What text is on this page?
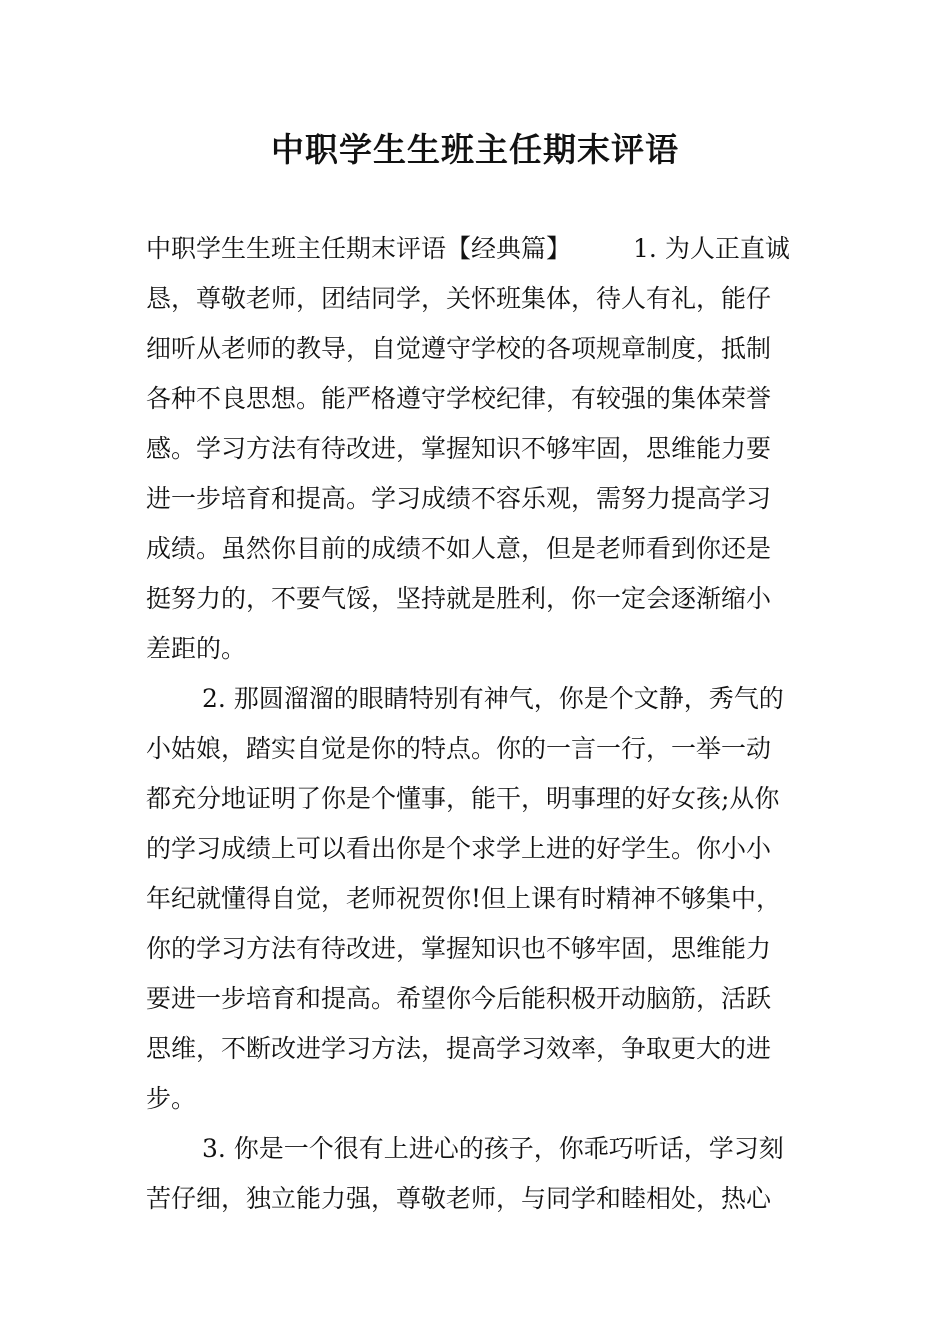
中职学生生班主任期末评语
中职学生生班主任期末评语【经典篇】 1. 为人正直诚
恳，尊敬老师，团结同学，关怀班集体，待人有礼，能仔
细听从老师的教导，自觉遵守学校的各项规章制度，抵制
各种不良思想。能严格遵守学校纪律，有较强的集体荣誉
感。学习方法有待改进，掌握知识不够牢固，思维能力要
进一步培育和提高。学习成绩不容乐观，需努力提高学习
成绩。虽然你目前的成绩不如人意，但是老师看到你还是
挺努力的，不要气馁，坚持就是胜利，你一定会逐渐缩小
差距的。
2. 那圆溜溜的眼睛特别有神气，你是个文静，秀气的
小姑娘，踏实自觉是你的特点。你的一言一行，一举一动
都充分地证明了你是个懂事，能干，明事理的好女孩;从你
的学习成绩上可以看出你是个求学上进的好学生。你小小
年纪就懂得自觉，老师祝贺你!但上课有时精神不够集中，
你的学习方法有待改进，掌握知识也不够牢固，思维能力
要进一步培育和提高。希望你今后能积极开动脑筋，活跃
思维，不断改进学习方法，提高学习效率，争取更大的进
步。
3. 你是一个很有上进心的孩子，你乖巧听话，学习刻
苦仔细，独立能力强，尊敬老师，与同学和睦相处，热心
